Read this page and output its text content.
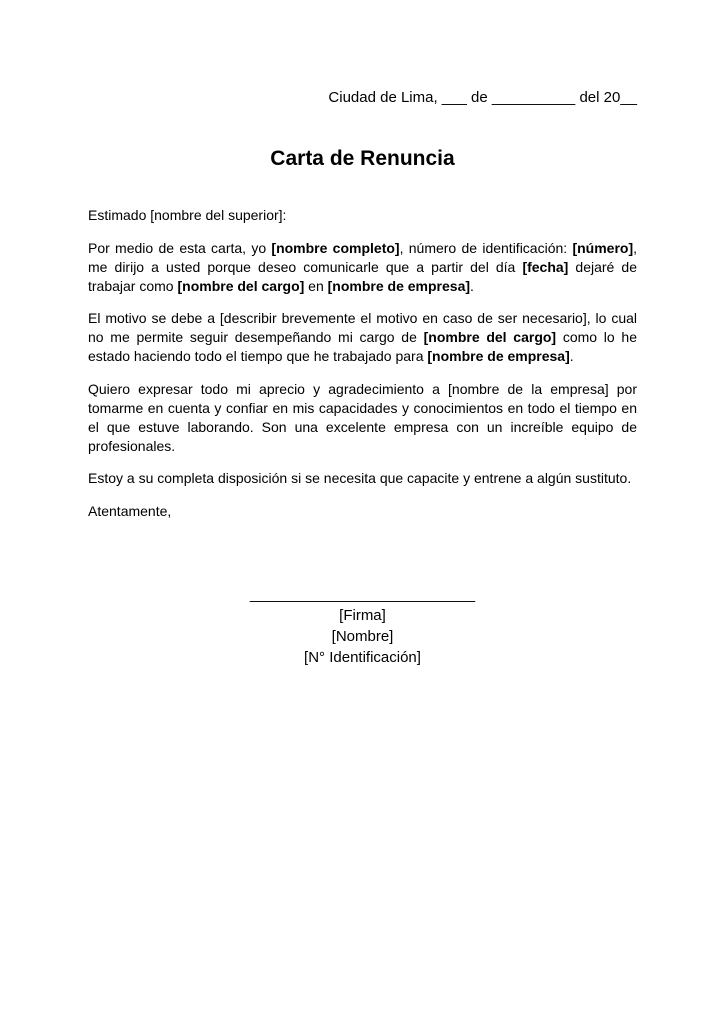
Ciudad de Lima, ___ de __________ del 20__
Carta de Renuncia

Estimado [nombre del superior]:

Por medio de esta carta, yo [nombre completo], número de identificación: [número], me dirijo a usted porque deseo comunicarle que a partir del día [fecha] dejaré de trabajar como [nombre del cargo] en [nombre de empresa].

El motivo se debe a [describir brevemente el motivo en caso de ser necesario], lo cual no me permite seguir desempeñando mi cargo de [nombre del cargo] como lo he estado haciendo todo el tiempo que he trabajado para [nombre de empresa].

Quiero expresar todo mi aprecio y agradecimiento a [nombre de la empresa] por tomarme en cuenta y confiar en mis capacidades y conocimientos en todo el tiempo en el que estuve laborando. Son una excelente empresa con un increíble equipo de profesionales.

Estoy a su completa disposición si se necesita que capacite y entrene a algún sustituto.

Atentamente,

___________________________
[Firma]
[Nombre]
[N° Identificación]
